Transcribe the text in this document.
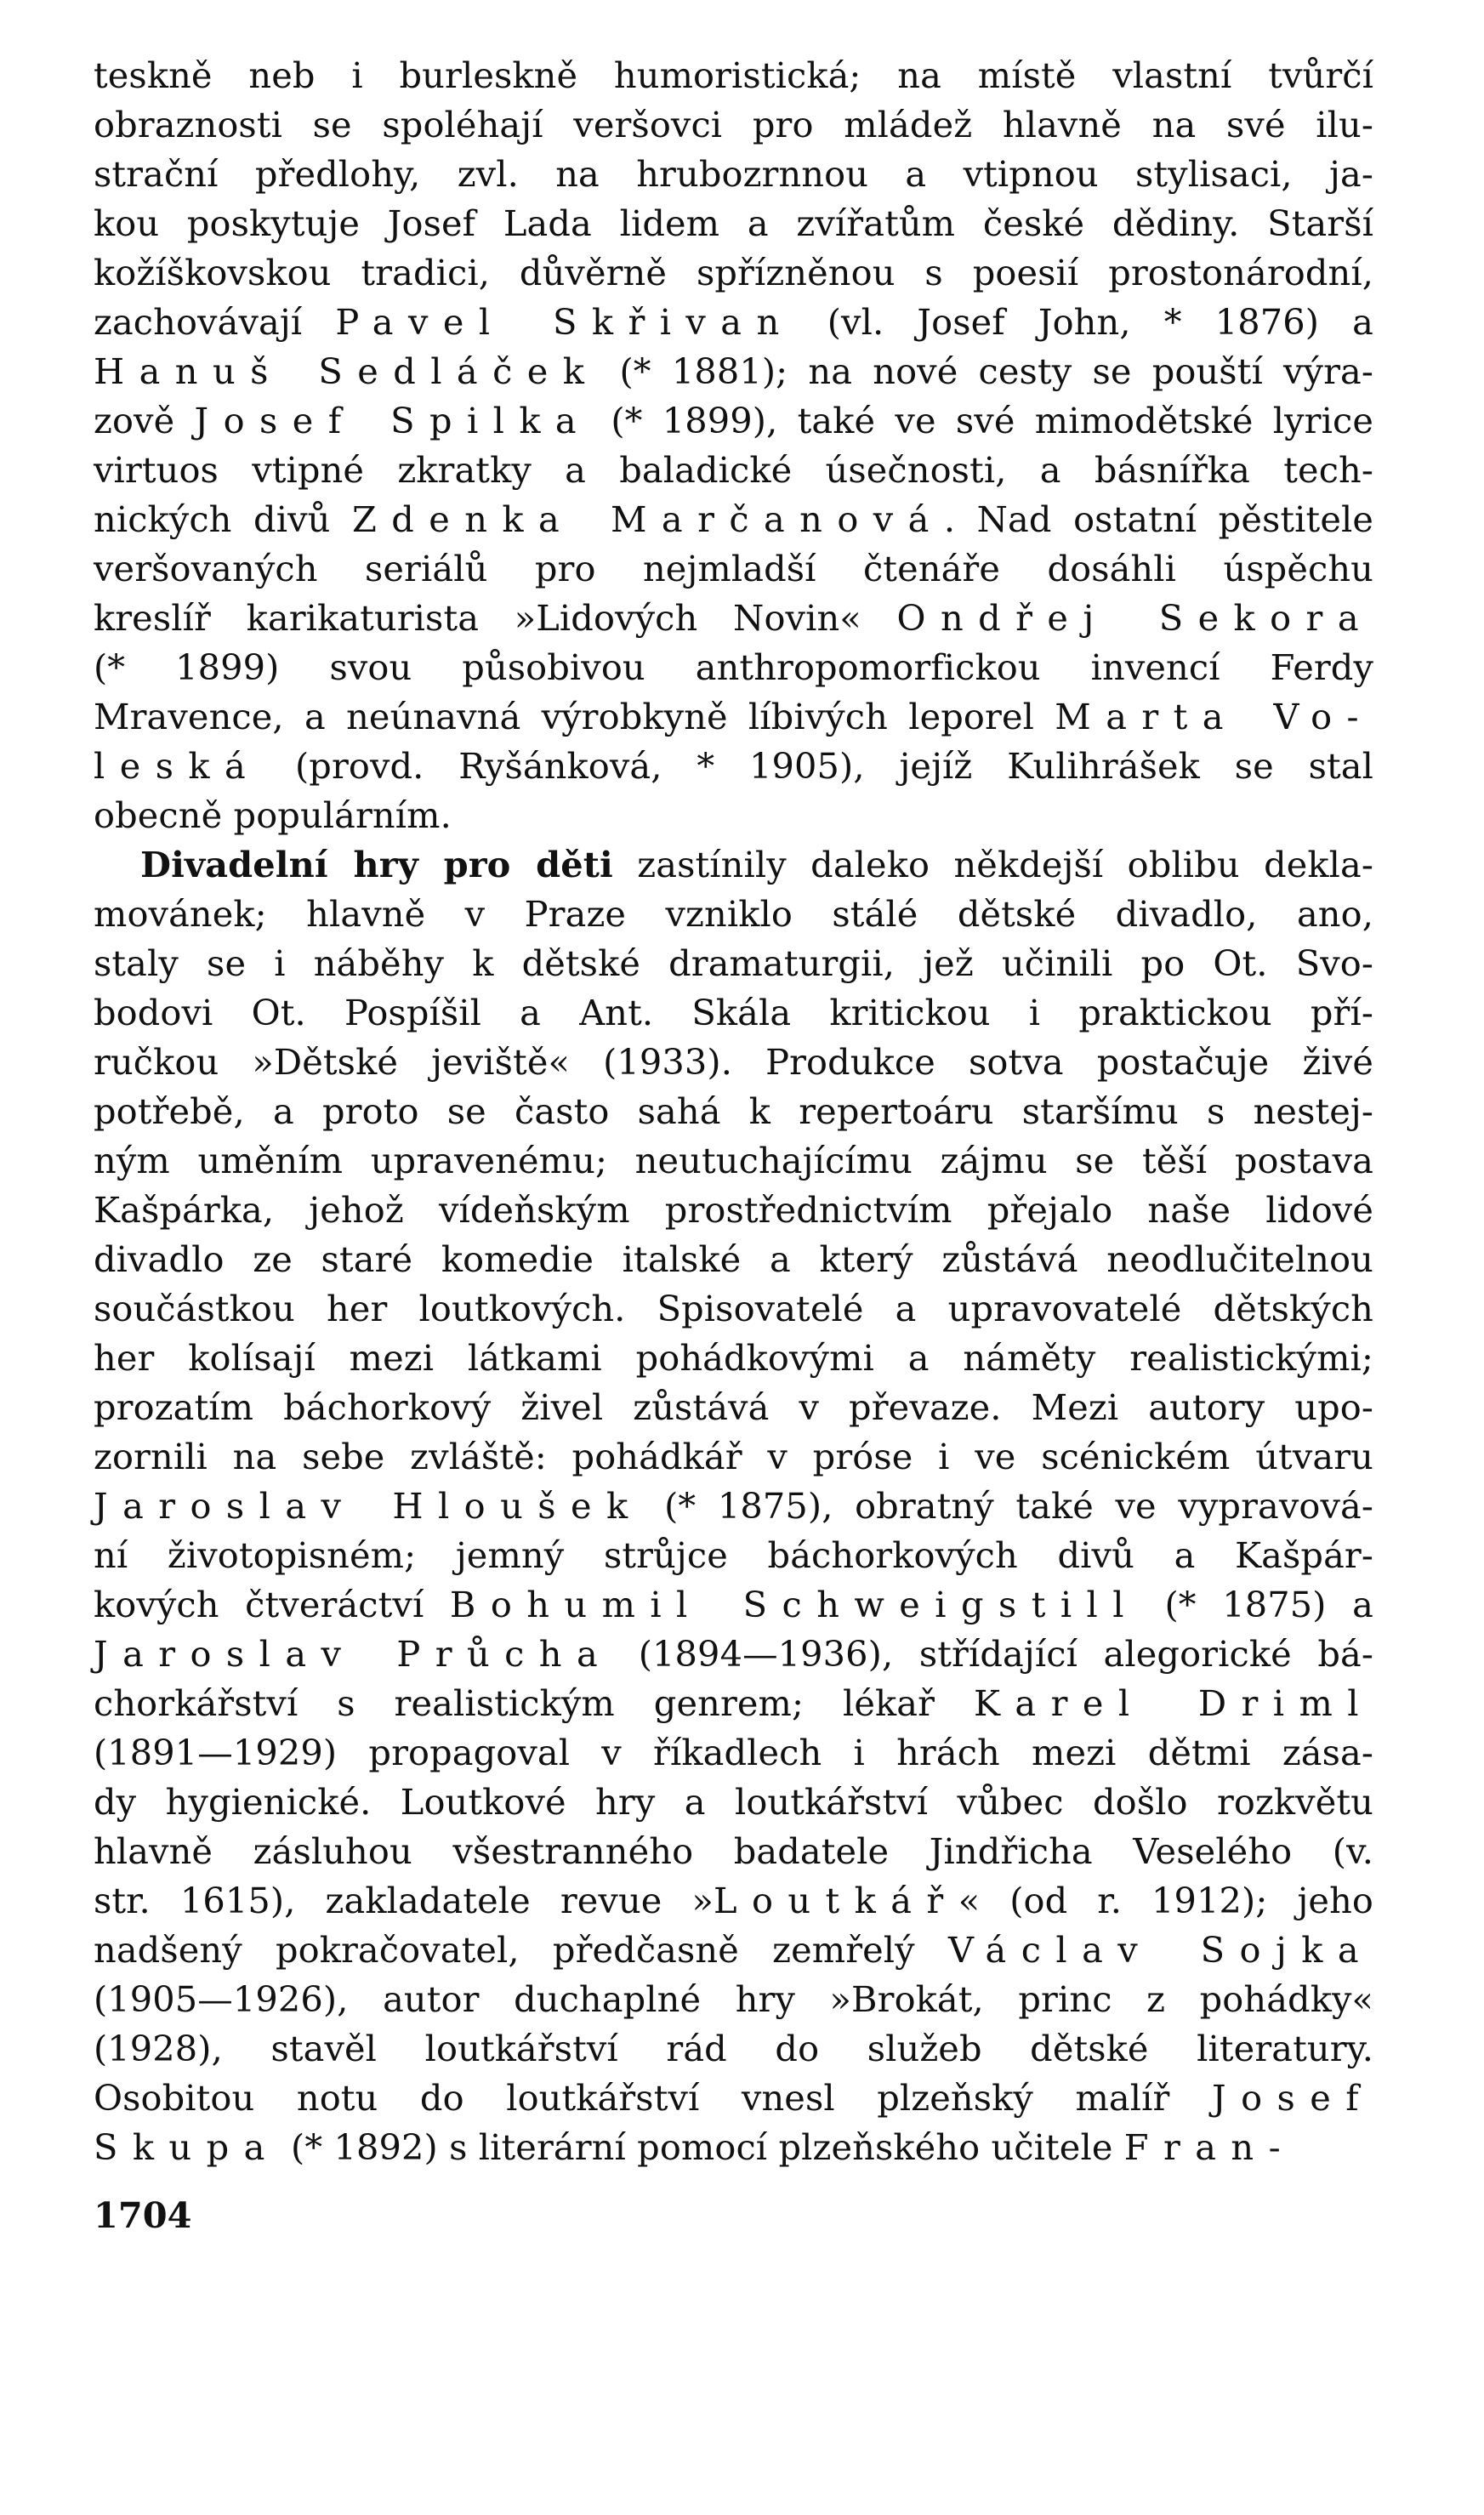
teskně neb i burleskně humoristická; na místě vlastní tvůrčí
obraznosti se spoléhají veršovci pro mládež hlavně na své ilu-
strační předlohy, zvl. na hrubozrnnou a vtipnou stylisaci, ja-
kou poskytuje Josef Lada lidem a zvířatům české dědiny. Starší
kožíškovskou tradici, důvěrně spřízněnou s poesií prostonárodní,
zachovávají Pavel Skřivan (vl. Josef John, * 1876) a
Hanuš Sedláček (* 1881); na nové cesty se pouští výra-
zově Josef Spilka (* 1899), také ve své mimodětské lyrice
virtuos vtipné zkratky a baladické úsečnosti, a básnířka tech-
nických divů Zdenka Marčanová. Nad ostatní pěstitele
veršovaných seriálů pro nejmladší čtenáře dosáhli úspěchu
kreslíř karikaturista »Lidových Novin« Ondřej Sekora
(* 1899) svou působivou anthropomorfickou invencí Ferdy
Mravence, a neúnavná výrobkyně líbivých leporel Marta Vo-
leská (provd. Ryšánková, * 1905), jejíž Kulihrášek se stal
obecně populárním.
Divadelní hry pro děti zastínily daleko někdejší oblibu dekla-
movánek; hlavně v Praze vzniklo stálé dětské divadlo, ano,
staly se i náběhy k dětské dramaturgii, jež učinili po Ot. Svo-
bodovi Ot. Pospíšil a Ant. Skála kritickou i praktickou pří-
ručkou »Dětské jeviště« (1933). Produkce sotva postačuje živé
potřebě, a proto se často sahá k repertoáru staršímu s nestej-
ným uměním upravenému; neutuchajícímu zájmu se těší postava
Kašpárka, jehož vídeňským prostřednictvím přejalo naše lidové
divadlo ze staré komedie italské a který zůstává neodlučitelnou
součástkou her loutkových. Spisovatelé a upravovatelé dětských
her kolísají mezi látkami pohádkovými a náměty realistickými;
prozatím báchorkový živel zůstává v převaze. Mezi autory upo-
zornili na sebe zvláště: pohádkář v próse i ve scénickém útvaru
Jaroslav Hloušek (* 1875), obratný také ve vypravová-
ní životopisném; jemný strůjce báchorkových divů a Kašpár-
kových čtveráctví Bohumil Schweigstill (* 1875) a
Jaroslav Průcha (1894—1936), střídající alegorické bá-
chorkářství s realistickým genrem; lékař Karel Driml
(1891—1929) propagoval v říkadlech i hrách mezi dětmi zása-
dy hygienické. Loutkové hry a loutkářství vůbec došlo rozkvětu
hlavně zásluhou všestranného badatele Jindřicha Veselého (v.
str. 1615), zakladatele revue »Loutkář« (od r. 1912); jeho
nadšený pokračovatel, předčasně zemřelý Václav Sojka
(1905—1926), autor duchaplné hry »Brokát, princ z pohádky«
(1928), stavěl loutkářství rád do služeb dětské literatury.
Osobitou notu do loutkářství vnesl plzeňský malíř Josef
Skupa (* 1892) s literární pomocí plzeňského učitele Fran-
1704
